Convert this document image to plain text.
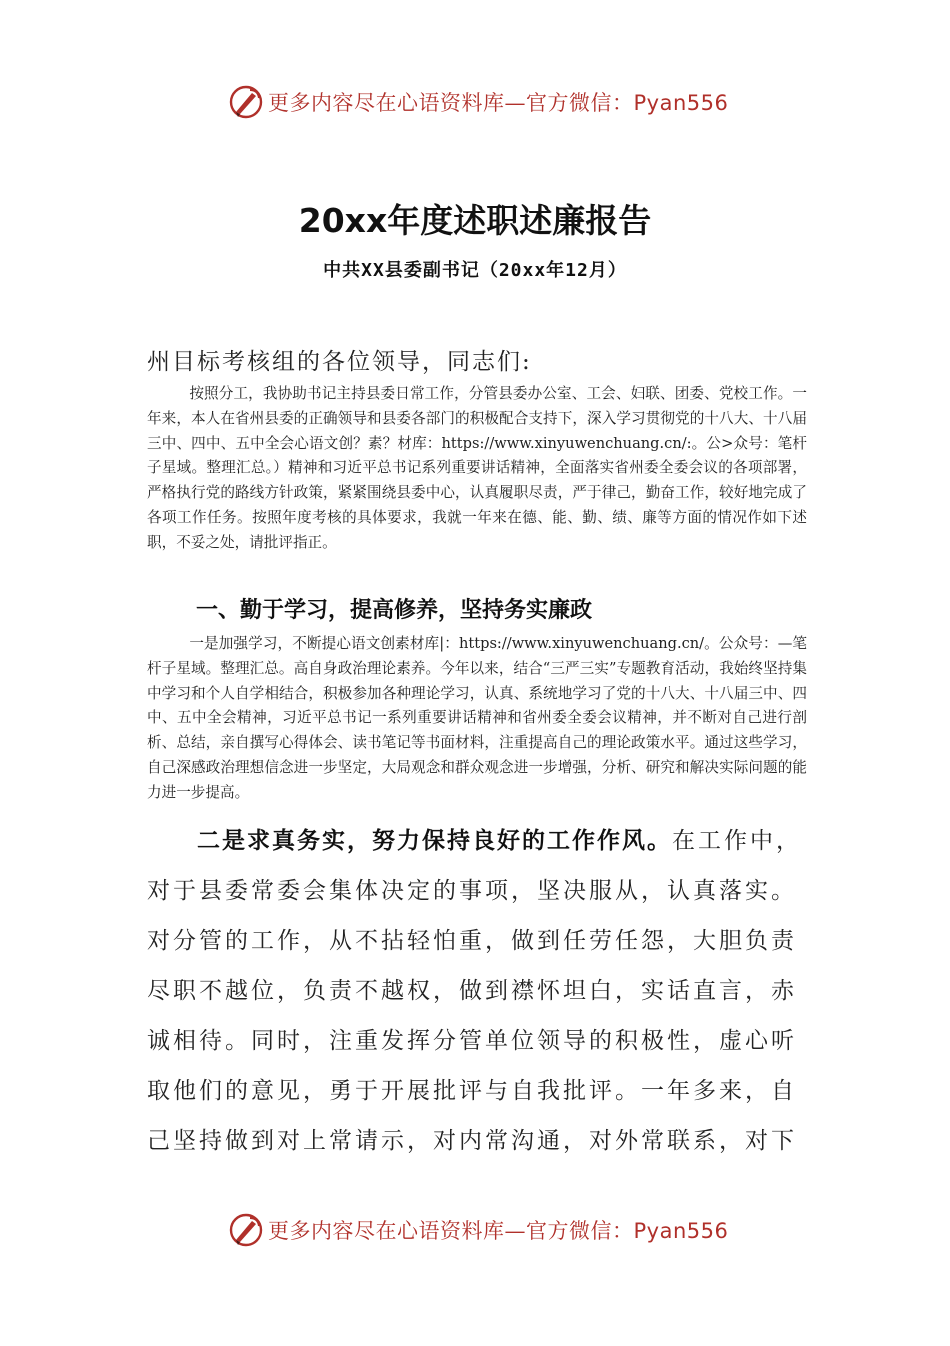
更多内容尽在心语资料库—官方微信：Pyan556
20xx年度述职述廉报告
中共XX县委副书记（20xx年12月）
州目标考核组的各位领导，同志们:

按照分工，我协助书记主持县委日常工作，分管县委办公室、工会、妇联、团委、党校工作。一年来，本人在省州县委的正确领导和县委各部门的积极配合支持下，深入学习贯彻党的十八大、十八届三中、四中、五中全会心语文创？素？材库：https://www.xinyuwenchuang.cn/:。公>众号：笔杆子星域。整理汇总。）精神和习近平总书记系列重要讲话精神，全面落实省州委全委会议的各项部署，严格执行党的路线方针政策，紧紧围绕县委中心，认真履职尽责，严于律己，勤奋工作，较好地完成了各项工作任务。按照年度考核的具体要求，我就一年来在德、能、勤、绩、廉等方面的情况作如下述职，不妥之处，请批评指正。

一、勤于学习，提高修养，坚持务实廉政

一是加强学习，不断提心语文创素材库|：https://www.xinyuwenchuang.cn/。公众号：—笔杆子星域。整理汇总。高自身政治理论素养。今年以来，结合“三严三实”专题教育活动，我始终坚持集中学习和个人自学相结合，积极参加各种理论学习，认真、系统地学习了党的十八大、十八届三中、四中、五中全会精神，习近平总书记一系列重要讲话精神和省州委全委会议精神，并不断对自己进行剖析、总结，亲自撰写心得体会、读书笔记等书面材料，注重提高自己的理论政策水平。通过这些学习，自己深感政治理想信念进一步坚定，大局观念和群众观念进一步增强，分析、研究和解决实际问题的能力进一步提高。

二是求真务实，努力保持良好的工作作风。在工作中，
对于县委常委会集体决定的事项，坚决服从，认真落实。
对分管的工作，从不拈轻怕重，做到任劳任怨，大胆负责
尽职不越位，负责不越权，做到襟怀坦白，实话直言，赤
诚相待。同时，注重发挥分管单位领导的积极性，虚心听
取他们的意见，勇于开展批评与自我批评。一年多来，自
己坚持做到对上常请示，对内常沟通，对外常联系，对下
更多内容尽在心语资料库—官方微信：Pyan556
